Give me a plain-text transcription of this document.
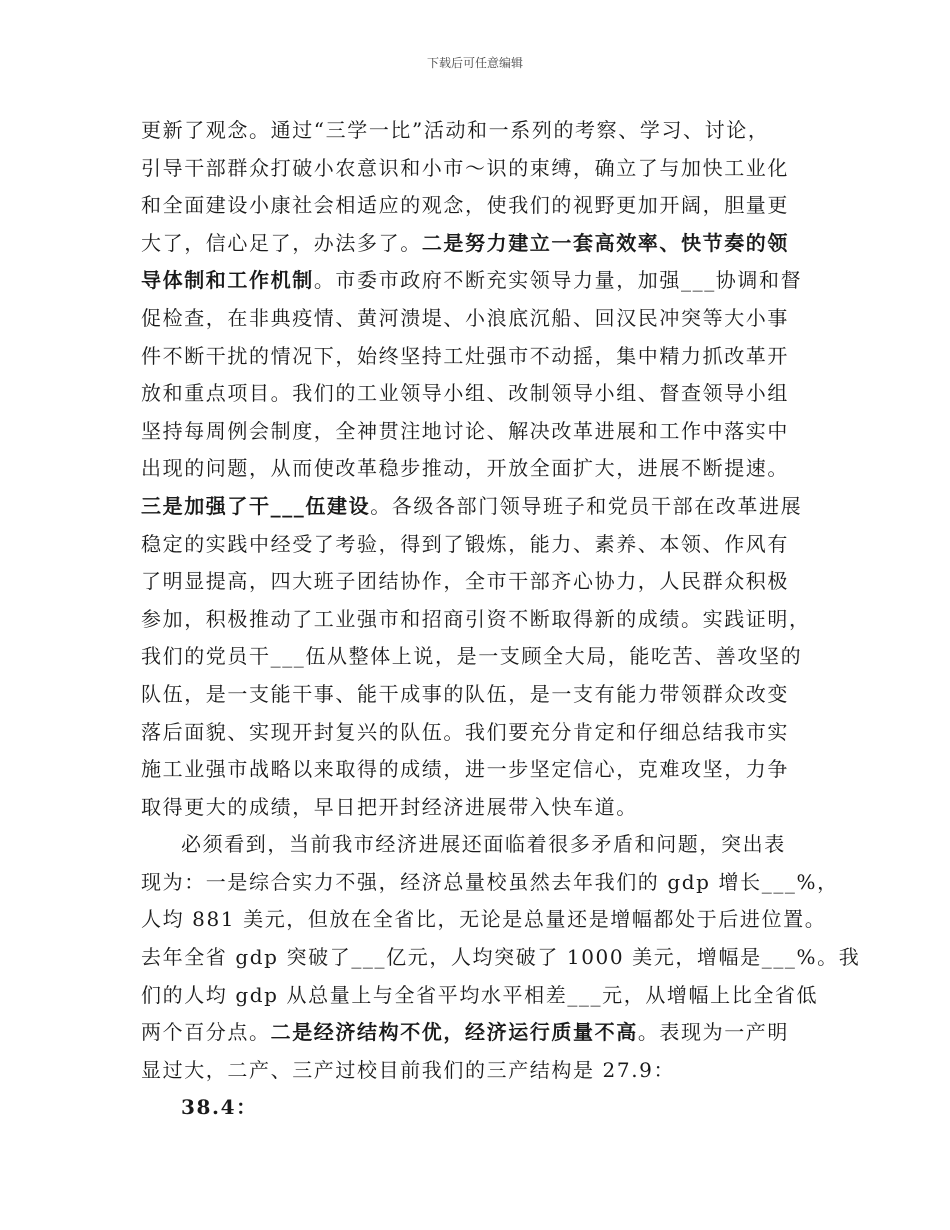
下载后可任意编辑
更新了观念。通过“三学一比”活动和一系列的考察、学习、讨论，
引导干部群众打破小农意识和小市～识的束缚，确立了与加快工业化
和全面建设小康社会相适应的观念，使我们的视野更加开阔，胆量更
大了，信心足了，办法多了。二是努力建立一套高效率、快节奏的领
导体制和工作机制。市委市政府不断充实领导力量，加强___协调和督
促检查，在非典疫情、黄河溃堤、小浪底沉船、回汉民冲突等大小事
件不断干扰的情况下，始终坚持工灶强市不动摇，集中精力抓改革开
放和重点项目。我们的工业领导小组、改制领导小组、督查领导小组
坚持每周例会制度，全神贯注地讨论、解决改革进展和工作中落实中
出现的问题，从而使改革稳步推动，开放全面扩大，进展不断提速。
三是加强了干___伍建设。各级各部门领导班子和党员干部在改革进展
稳定的实践中经受了考验，得到了锻炼，能力、素养、本领、作风有
了明显提高，四大班子团结协作，全市干部齐心协力，人民群众积极
参加，积极推动了工业强市和招商引资不断取得新的成绩。实践证明，
我们的党员干___伍从整体上说，是一支顾全大局，能吃苦、善攻坚的
队伍，是一支能干事、能干成事的队伍，是一支有能力带领群众改变
落后面貌、实现开封复兴的队伍。我们要充分肯定和仔细总结我市实
施工业强市战略以来取得的成绩，进一步坚定信心，克难攻坚，力争
取得更大的成绩，早日把开封经济进展带入快车道。
必须看到，当前我市经济进展还面临着很多矛盾和问题，突出表
现为：一是综合实力不强，经济总量校虽然去年我们的 gdp 增长___%，
人均 881 美元，但放在全省比，无论是总量还是增幅都处于后进位置。
去年全省 gdp 突破了___亿元，人均突破了 1000 美元，增幅是___%。我
们的人均 gdp 从总量上与全省平均水平相差___元，从增幅上比全省低
两个百分点。二是经济结构不优，经济运行质量不高。表现为一产明
显过大，二产、三产过校目前我们的三产结构是 27.9：
38.4：
